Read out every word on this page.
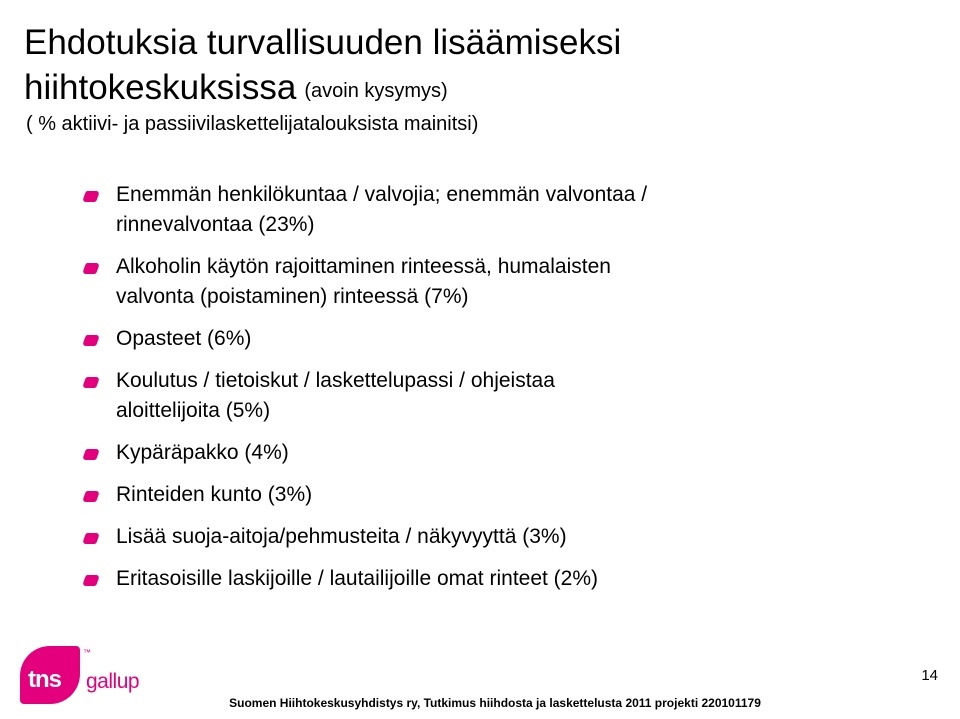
Ehdotuksia turvallisuuden lisäämiseksi
hiihtokeskuksissa (avoin kysymys)
( % aktiivi- ja passiivilaskettelijatalouksista mainitsi)
Enemmän henkilökuntaa / valvojia; enemmän valvontaa /
rinnevalvontaa (23%)
Alkoholin käytön rajoittaminen rinteessä, humalaisten
valvonta (poistaminen) rinteessä (7%)
Opasteet (6%)
Koulutus / tietoiskut / laskettelupassi / ohjeistaa
aloittelijoita (5%)
Kypäräpakko (4%)
Rinteiden kunto (3%)
Lisää suoja-aitoja/pehmusteita / näkyvyyttä (3%)
Eritasoisille laskijoille / lautailijoille omat rinteet (2%)
tns
™
gallup	14
Suomen Hiihtokeskusyhdistys ry, Tutkimus hiihdosta ja laskettelusta 2011 projekti 220101179
